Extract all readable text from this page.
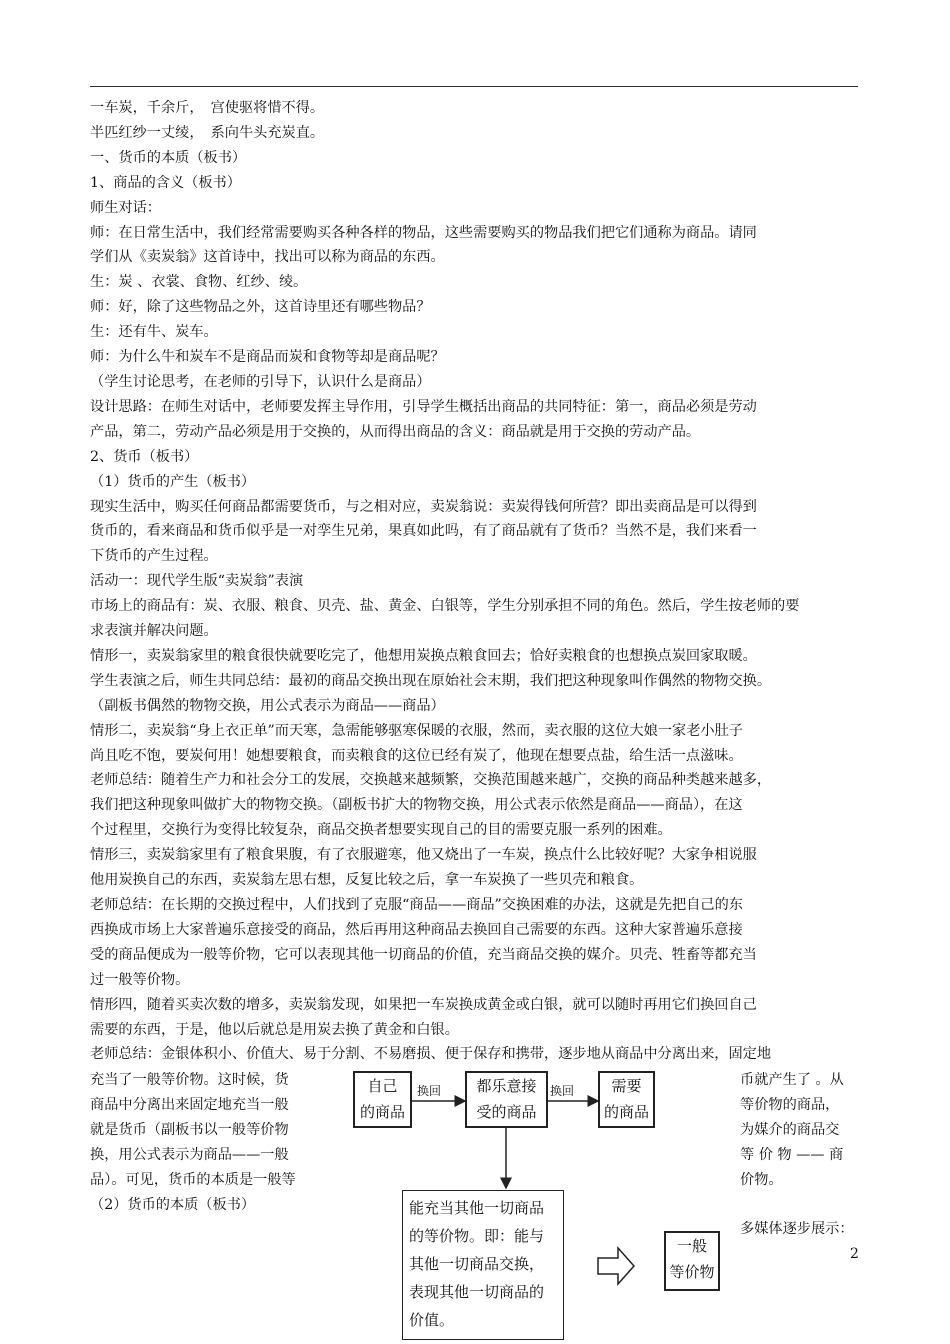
一车炭，千余斤，　宫使驱将惜不得。

半匹红纱一丈绫，　系向牛头充炭直。

一、货币的本质（板书）

1、商品的含义（板书）

师生对话：

师：在日常生活中，我们经常需要购买各种各样的物品，这些需要购买的物品我们把它们通称为商品。请同

学们从《卖炭翁》这首诗中，找出可以称为商品的东西。

生：炭 、衣裳、食物、红纱、绫。

师：好，除了这些物品之外，这首诗里还有哪些物品？

生：还有牛、炭车。

师：为什么牛和炭车不是商品而炭和食物等却是商品呢？

（学生讨论思考，在老师的引导下，认识什么是商品）

设计思路：在师生对话中，老师要发挥主导作用，引导学生概括出商品的共同特征：第一，商品必须是劳动

产品，第二，劳动产品必须是用于交换的，从而得出商品的含义：商品就是用于交换的劳动产品。

2、货币（板书）

（1）货币的产生（板书）

现实生活中，购买任何商品都需要货币，与之相对应，卖炭翁说：卖炭得钱何所营？即出卖商品是可以得到

货币的，看来商品和货币似乎是一对孪生兄弟，果真如此吗，有了商品就有了货币？当然不是，我们来看一

下货币的产生过程。

活动一：现代学生版“卖炭翁”表演

市场上的商品有：炭、衣服、粮食、贝壳、盐、黄金、白银等，学生分别承担不同的角色。然后，学生按老师的要

求表演并解决问题。

情形一，卖炭翁家里的粮食很快就要吃完了，他想用炭换点粮食回去；恰好卖粮食的也想换点炭回家取暖。

学生表演之后，师生共同总结：最初的商品交换出现在原始社会末期，我们把这种现象叫作偶然的物物交换。

（副板书偶然的物物交换，用公式表示为商品——商品）

情形二，卖炭翁“身上衣正单”而天寒，急需能够驱寒保暖的衣服，然而，卖衣服的这位大娘一家老小肚子

尚且吃不饱，要炭何用！她想要粮食，而卖粮食的这位已经有炭了，他现在想要点盐，给生活一点滋味。

老师总结：随着生产力和社会分工的发展，交换越来越频繁，交换范围越来越广，交换的商品种类越来越多，

我们把这种现象叫做扩大的物物交换。（副板书扩大的物物交换，用公式表示依然是商品——商品），在这

个过程里，交换行为变得比较复杂，商品交换者想要实现自己的目的需要克服一系列的困难。

情形三，卖炭翁家里有了粮食果腹，有了衣服避寒，他又烧出了一车炭，换点什么比较好呢？大家争相说服

他用炭换自己的东西，卖炭翁左思右想，反复比较之后，拿一车炭换了一些贝壳和粮食。

老师总结：在长期的交换过程中，人们找到了克服“商品——商品”交换困难的办法，这就是先把自己的东

西换成市场上大家普遍乐意接受的商品，然后再用这种商品去换回自己需要的东西。这种大家普遍乐意接

受的商品便成为一般等价物，它可以表现其他一切商品的价值，充当商品交换的媒介。贝壳、牲畜等都充当

过一般等价物。

情形四，随着买卖次数的增多，卖炭翁发现，如果把一车炭换成黄金或白银，就可以随时再用它们换回自己

需要的东西，于是，他以后就总是用炭去换了黄金和白银。

老师总结：金银体积小、价值大、易于分割、不易磨损、便于保存和携带，逐步地从商品中分离出来，固定地

充当了一般等价物。这时候，货

商品中分离出来固定地充当一般

就是货币（副板书以一般等价物

换，用公式表示为商品——一般

品）。可见，货币的本质是一般等

（2）货币的本质（板书）

币就产生了 。从

等价物的商品，

为媒介的商品交

等 价 物 —— 商

价物。

多媒体逐步展示：
2
自己
的商品
换回	都乐意接
受的商品
换回	需要
的商品
能充当其他一切商品
的等价物。即：能与
其他一切商品交换，
表现其他一切商品的
价值。
一般
等价物
